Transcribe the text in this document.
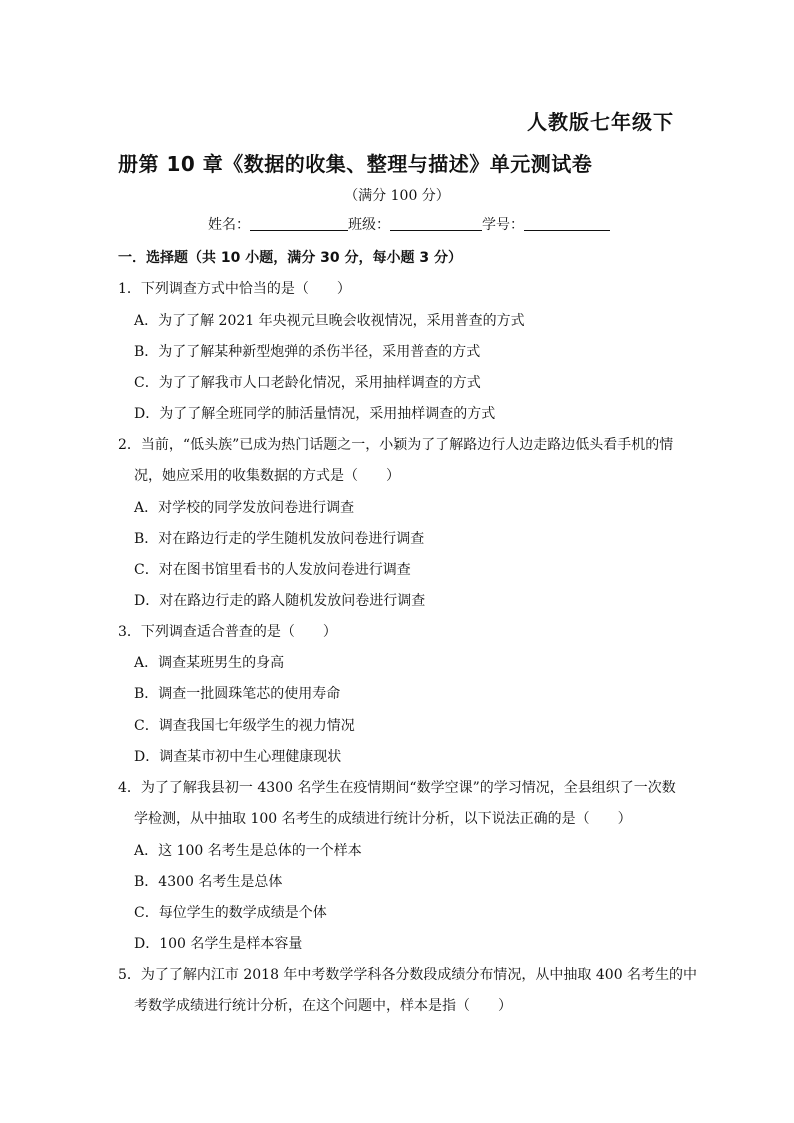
人教版七年级下
册第 10 章《数据的收集、整理与描述》单元测试卷
（满分 100 分）
姓名：	班级：	学号：
一．选择题（共 10 小题，满分 30 分，每小题 3 分）
1．下列调查方式中恰当的是（　　）
A．为了了解 2021 年央视元旦晚会收视情况，采用普查的方式
B．为了了解某种新型炮弹的杀伤半径，采用普查的方式
C．为了了解我市人口老龄化情况，采用抽样调查的方式
D．为了了解全班同学的肺活量情况，采用抽样调查的方式
2．当前，“低头族”已成为热门话题之一，小颖为了了解路边行人边走路边低头看手机的情
况，她应采用的收集数据的方式是（　　）
A．对学校的同学发放问卷进行调查
B．对在路边行走的学生随机发放问卷进行调查
C．对在图书馆里看书的人发放问卷进行调查
D．对在路边行走的路人随机发放问卷进行调查
3．下列调查适合普查的是（　　）
A．调查某班男生的身高
B．调查一批圆珠笔芯的使用寿命
C．调查我国七年级学生的视力情况
D．调查某市初中生心理健康现状
4．为了了解我县初一 4300 名学生在疫情期间“数学空课”的学习情况，全县组织了一次数
学检测，从中抽取 100 名考生的成绩进行统计分析，以下说法正确的是（　　）
A．这 100 名考生是总体的一个样本
B．4300 名考生是总体
C．每位学生的数学成绩是个体
D．100 名学生是样本容量
5．为了了解内江市 2018 年中考数学学科各分数段成绩分布情况，从中抽取 400 名考生的中
考数学成绩进行统计分析，在这个问题中，样本是指（　　）
